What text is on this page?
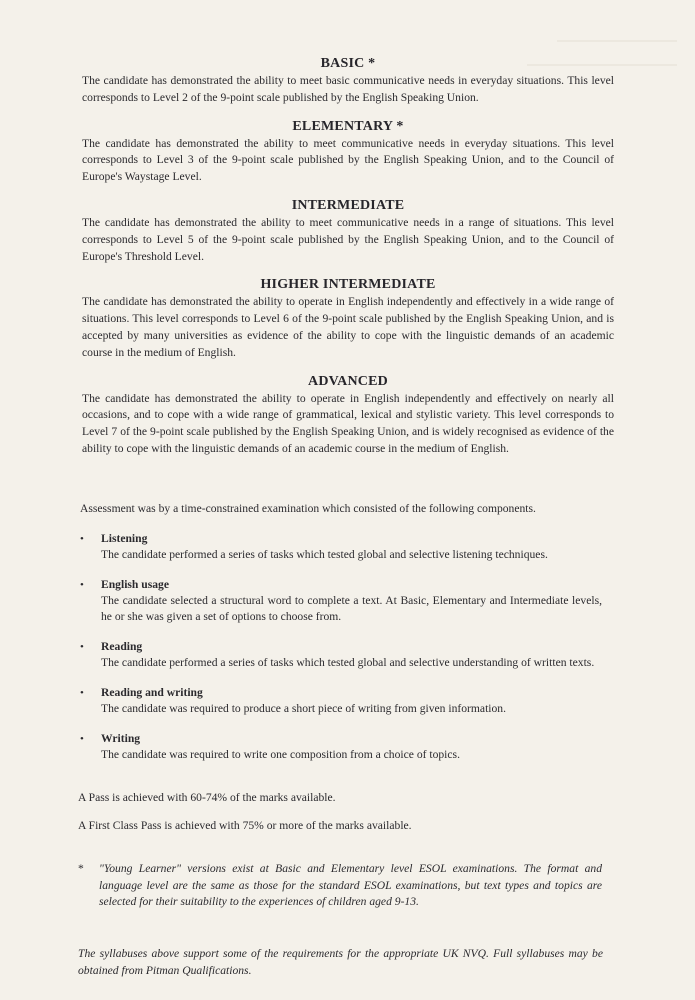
BASIC *

The candidate has demonstrated the ability to meet basic communicative needs in everyday situations. This level corresponds to Level 2 of the 9-point scale published by the English Speaking Union.

ELEMENTARY *

The candidate has demonstrated the ability to meet communicative needs in everyday situations. This level corresponds to Level 3 of the 9-point scale published by the English Speaking Union, and to the Council of Europe's Waystage Level.

INTERMEDIATE

The candidate has demonstrated the ability to meet communicative needs in a range of situations. This level corresponds to Level 5 of the 9-point scale published by the English Speaking Union, and to the Council of Europe's Threshold Level.

HIGHER INTERMEDIATE

The candidate has demonstrated the ability to operate in English independently and effectively in a wide range of situations. This level corresponds to Level 6 of the 9-point scale published by the English Speaking Union, and is accepted by many universities as evidence of the ability to cope with the linguistic demands of an academic course in the medium of English.

ADVANCED

The candidate has demonstrated the ability to operate in English independently and effectively on nearly all occasions, and to cope with a wide range of grammatical, lexical and stylistic variety. This level corresponds to Level 7 of the 9-point scale published by the English Speaking Union, and is widely recognised as evidence of the ability to cope with the linguistic demands of an academic course in the medium of English.

Assessment was by a time-constrained examination which consisted of the following components.

• Listening
The candidate performed a series of tasks which tested global and selective listening techniques.
• English usage
The candidate selected a structural word to complete a text. At Basic, Elementary and Intermediate levels, he or she was given a set of options to choose from.
• Reading
The candidate performed a series of tasks which tested global and selective understanding of written texts.
• Reading and writing
The candidate was required to produce a short piece of writing from given information.
• Writing
The candidate was required to write one composition from a choice of topics.

A Pass is achieved with 60-74% of the marks available.

A First Class Pass is achieved with 75% or more of the marks available.

* "Young Learner" versions exist at Basic and Elementary level ESOL examinations. The format and language level are the same as those for the standard ESOL examinations, but text types and topics are selected for their suitability to the experiences of children aged 9-13.

The syllabuses above support some of the requirements for the appropriate UK NVQ. Full syllabuses may be obtained from Pitman Qualifications.
